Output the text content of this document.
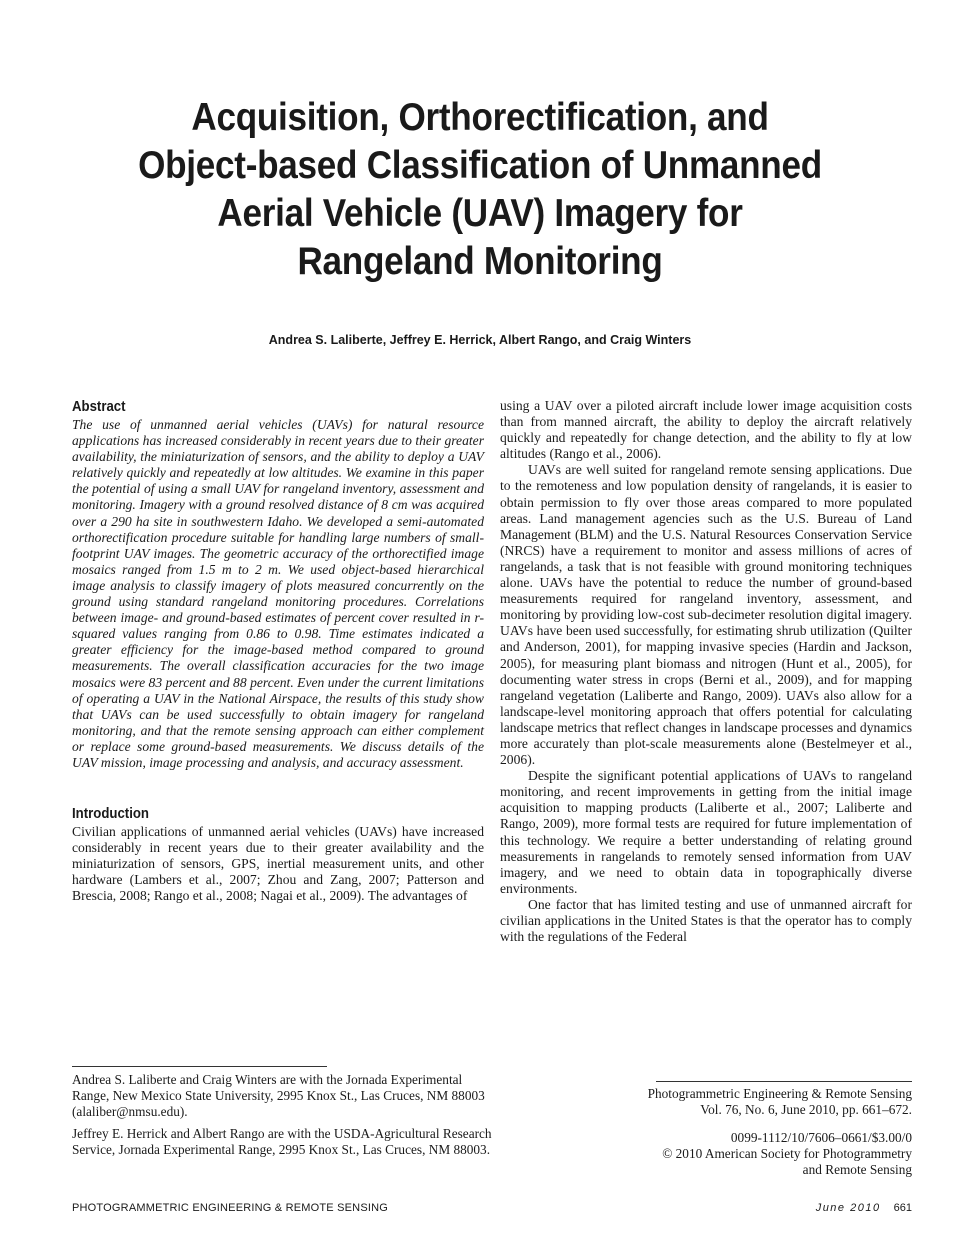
Acquisition, Orthorectification, and
Object-based Classification of Unmanned
Aerial Vehicle (UAV) Imagery for
Rangeland Monitoring
Andrea S. Laliberte, Jeffrey E. Herrick, Albert Rango, and Craig Winters
Abstract

The use of unmanned aerial vehicles (UAVs) for natural resource applications has increased considerably in recent years due to their greater availability, the miniaturization of sensors, and the ability to deploy a UAV relatively quickly and repeatedly at low altitudes. We examine in this paper the potential of using a small UAV for rangeland inventory, assessment and monitoring. Imagery with a ground resolved distance of 8 cm was acquired over a 290 ha site in southwestern Idaho. We developed a semi-automated orthorectification procedure suitable for handling large numbers of small-footprint UAV images. The geometric accuracy of the orthorectified image mosaics ranged from 1.5 m to 2 m. We used object-based hierarchical image analysis to classify imagery of plots measured concurrently on the ground using standard rangeland monitoring procedures. Correlations between image- and ground-based estimates of percent cover resulted in r-squared values ranging from 0.86 to 0.98. Time estimates indicated a greater efficiency for the image-based method compared to ground measurements. The overall classification accuracies for the two image mosaics were 83 percent and 88 percent. Even under the current limitations of operating a UAV in the National Airspace, the results of this study show that UAVs can be used successfully to obtain imagery for rangeland monitoring, and that the remote sensing approach can either complement or replace some ground-based measurements. We discuss details of the UAV mission, image processing and analysis, and accuracy assessment.

Introduction

Civilian applications of unmanned aerial vehicles (UAVs) have increased considerably in recent years due to their greater availability and the miniaturization of sensors, GPS, inertial measurement units, and other hardware (Lambers et al., 2007; Zhou and Zang, 2007; Patterson and Brescia, 2008; Rango et al., 2008; Nagai et al., 2009). The advantages of

using a UAV over a piloted aircraft include lower image acquisition costs than from manned aircraft, the ability to deploy the aircraft relatively quickly and repeatedly for change detection, and the ability to fly at low altitudes (Rango et al., 2006).

UAVs are well suited for rangeland remote sensing applications. Due to the remoteness and low population density of rangelands, it is easier to obtain permission to fly over those areas compared to more populated areas. Land management agencies such as the U.S. Bureau of Land Management (BLM) and the U.S. Natural Resources Conservation Service (NRCS) have a requirement to monitor and assess millions of acres of rangelands, a task that is not feasible with ground monitoring techniques alone. UAVs have the potential to reduce the number of ground-based measurements required for rangeland inventory, assessment, and monitoring by providing low-cost sub-decimeter resolution digital imagery. UAVs have been used successfully, for estimating shrub utilization (Quilter and Anderson, 2001), for mapping invasive species (Hardin and Jackson, 2005), for measuring plant biomass and nitrogen (Hunt et al., 2005), for documenting water stress in crops (Berni et al., 2009), and for mapping rangeland vegetation (Laliberte and Rango, 2009). UAVs also allow for a landscape-level monitoring approach that offers potential for calculating landscape metrics that reflect changes in landscape processes and dynamics more accurately than plot-scale measurements alone (Bestelmeyer et al., 2006).

Despite the significant potential applications of UAVs to rangeland monitoring, and recent improvements in getting from the initial image acquisition to mapping products (Laliberte et al., 2007; Laliberte and Rango, 2009), more formal tests are required for future implementation of this technology. We require a better understanding of relating ground measurements in rangelands to remotely sensed information from UAV imagery, and we need to obtain data in topographically diverse environments.

One factor that has limited testing and use of unmanned aircraft for civilian applications in the United States is that the operator has to comply with the regulations of the Federal

Andrea S. Laliberte and Craig Winters are with the Jornada Experimental Range, New Mexico State University, 2995 Knox St., Las Cruces, NM 88003 (alaliber@nmsu.edu).

Jeffrey E. Herrick and Albert Rango are with the USDA-Agricultural Research Service, Jornada Experimental Range, 2995 Knox St., Las Cruces, NM 88003.

Photogrammetric Engineering & Remote Sensing
Vol. 76, No. 6, June 2010, pp. 661–672.
0099-1112/10/7606–0661/$3.00/0
© 2010 American Society for Photogrammetry
and Remote Sensing
PHOTOGRAMMETRIC ENGINEERING & REMOTE SENSING	June 2010 661
